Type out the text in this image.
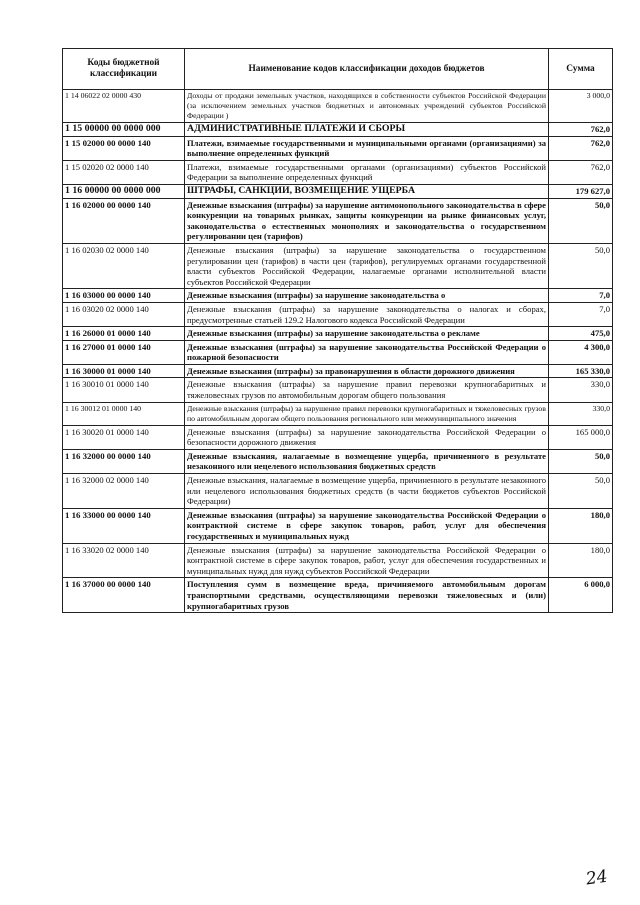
Коды бюджетной классификации	Наименование кодов классификации доходов бюджетов	Сумма
1 14 06022 02 0000 430	Доходы от продажи земельных участков, находящихся в собственности субъектов Российской Федерации (за исключением земельных участков бюджетных и автономных учреждений субъектов Российской Федерации )	3 000,0
1 15 00000 00 0000 000	АДМИНИСТРАТИВНЫЕ ПЛАТЕЖИ И СБОРЫ	762,0
1 15 02000 00 0000 140	Платежи, взимаемые государственными и муниципальными органами (организациями) за выполнение определенных функций	762,0
1 15 02020 02 0000 140	Платежи, взимаемые государственными органами (организациями) субъектов Российской Федерации за выполнение определенных функций	762,0
1 16 00000 00 0000 000	ШТРАФЫ, САНКЦИИ, ВОЗМЕЩЕНИЕ УЩЕРБА	179 627,0
1 16 02000 00 0000 140	Денежные взыскания (штрафы) за нарушение антимонопольного законодательства в сфере конкуренции на товарных рынках, защиты конкуренции на рынке финансовых услуг, законодательства о естественных монополиях и законодательства о государственном регулировании цен (тарифов)	50,0
1 16 02030 02 0000 140	Денежные взыскания (штрафы) за нарушение законодательства о государственном регулировании цен (тарифов) в части цен (тарифов), регулируемых органами государственной власти субъектов Российской Федерации, налагаемые органами исполнительной власти субъектов Российской Федерации	50,0
1 16 03000 00 0000 140	Денежные взыскания (штрафы) за нарушение законодательства о	7,0
1 16 03020 02 0000 140	Денежные взыскания (штрафы) за нарушение законодательства о налогах и сборах, предусмотренные статьей 129.2 Налогового кодекса Российской Федерации	7,0
1 16 26000 01 0000 140	Денежные взыскания (штрафы) за нарушение законодательства о рекламе	475,0
1 16 27000 01 0000 140	Денежные взыскания (штрафы) за нарушение законодательства Российской Федерации о пожарной безопасности	4 300,0
1 16 30000 01 0000 140	Денежные взыскания (штрафы) за правонарушения в области дорожного движения	165 330,0
1 16 30010 01 0000 140	Денежные взыскания (штрафы) за нарушение правил перевозки крупногабаритных и тяжеловесных грузов по автомобильным дорогам общего пользования	330,0
1 16 30012 01 0000 140	Денежные взыскания (штрафы) за нарушение правил перевозки крупногабаритных и тяжеловесных грузов по автомобильным дорогам общего пользования регионального или межмуниципального значения	330,0
1 16 30020 01 0000 140	Денежные взыскания (штрафы) за нарушение законодательства Российской Федерации о безопасности дорожного движения	165 000,0
1 16 32000 00 0000 140	Денежные взыскания, налагаемые в возмещение ущерба, причиненного в результате незаконного или нецелевого использования бюджетных средств	50,0
1 16 32000 02 0000 140	Денежные взыскания, налагаемые в возмещение ущерба, причиненного в результате незаконного или нецелевого использования бюджетных средств (в части бюджетов субъектов Российской Федерации)	50,0
1 16 33000 00 0000 140	Денежные взыскания (штрафы) за нарушение законодательства Российской Федерации о контрактной системе в сфере закупок товаров, работ, услуг для обеспечения государственных и муниципальных нужд	180,0
1 16 33020 02 0000 140	Денежные взыскания (штрафы) за нарушение законодательства Российской Федерации о контрактной системе в сфере закупок товаров, работ, услуг для обеспечения государственных и муниципальных нужд для нужд субъектов Российской Федерации	180,0
1 16 37000 00 0000 140	Поступления сумм в возмещение вреда, причиняемого автомобильным дорогам транспортными средствами, осуществляющими перевозки тяжеловесных и (или) крупногабаритных грузов	6 000,0
24
